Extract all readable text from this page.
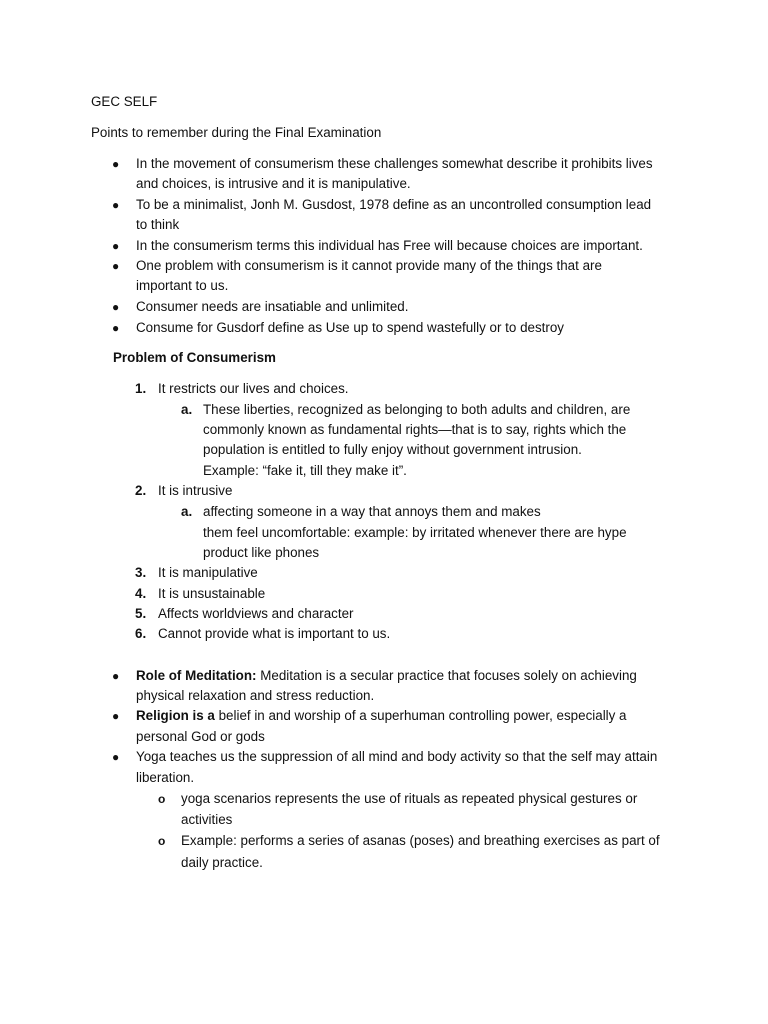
GEC SELF
Points to remember during the Final Examination
● In the movement of consumerism these challenges somewhat describe it prohibits lives
and choices, is intrusive and it is manipulative.
● To be a minimalist, Jonh M. Gusdost, 1978 define as an uncontrolled consumption lead
to think
● In the consumerism terms this individual has Free will because choices are important.
● One problem with consumerism is it cannot provide many of the things that are
important to us.
● Consumer needs are insatiable and unlimited.
● Consume for Gusdorf define as Use up to spend wastefully or to destroy
Problem of Consumerism
1. It restricts our lives and choices.
a. These liberties, recognized as belonging to both adults and children, are
commonly known as fundamental rights—that is to say, rights which the
population is entitled to fully enjoy without government intrusion.
Example: “fake it, till they make it”.
2. It is intrusive
a. affecting someone in a way that annoys them and makes
them feel uncomfortable: example: by irritated whenever there are hype
product like phones
3. It is manipulative
4. It is unsustainable
5. Affects worldviews and character
6. Cannot provide what is important to us.
● Role of Meditation: Meditation is a secular practice that focuses solely on achieving
physical relaxation and stress reduction.
● Religion is a belief in and worship of a superhuman controlling power, especially a
personal God or gods
● Yoga teaches us the suppression of all mind and body activity so that the self may attain
liberation.
o yoga scenarios represents the use of rituals as repeated physical gestures or
activities
o Example: performs a series of asanas (poses) and breathing exercises as part of
daily practice.
